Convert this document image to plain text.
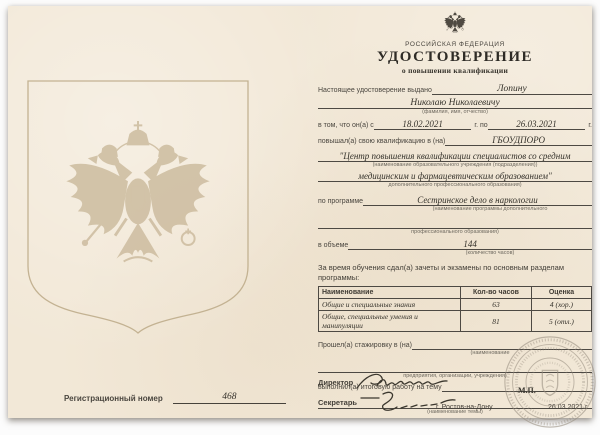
Регистрационный номер	468
РОССИЙСКАЯ ФЕДЕРАЦИЯ
УДОСТОВЕРЕНИЕ
о повышении квалификации
Настоящее удостоверение выдано	Лопину
Николаю Николаевичу
(фамилия, имя, отчество)
в том, что он(а) с	18.02.2021	г. по	26.03.2021	г.
повышал(а) свою квалификацию в (на)	ГБОУДПОРО
"Центр повышения квалификации специалистов со средним
(наименование образовательного учреждения (подразделения))
медицинским и фармацевтическим образованием"
дополнительного профессионального образования)
по программе	Сестринское дело в наркологии
(наименование программы дополнительного
профессионального образования)
в объеме	144
(количество часов)
За время обучения сдал(а) зачеты и экзамены по основным разделам программы:
Наименование	Кол-во часов	Оценка
Общие и специальные знания	63	4 (хор.)
Общие, специальные умения и манипуляции	81	5 (отл.)
Прошел(а) стажировку в (на)
(наименование
предприятия, организации, учреждения)
выполнил(а) итоговую работу на тему
(наименование темы)
Директор
Секретарь
М.П.
г. Ростов-на-Дону	26.03.2021 г.
